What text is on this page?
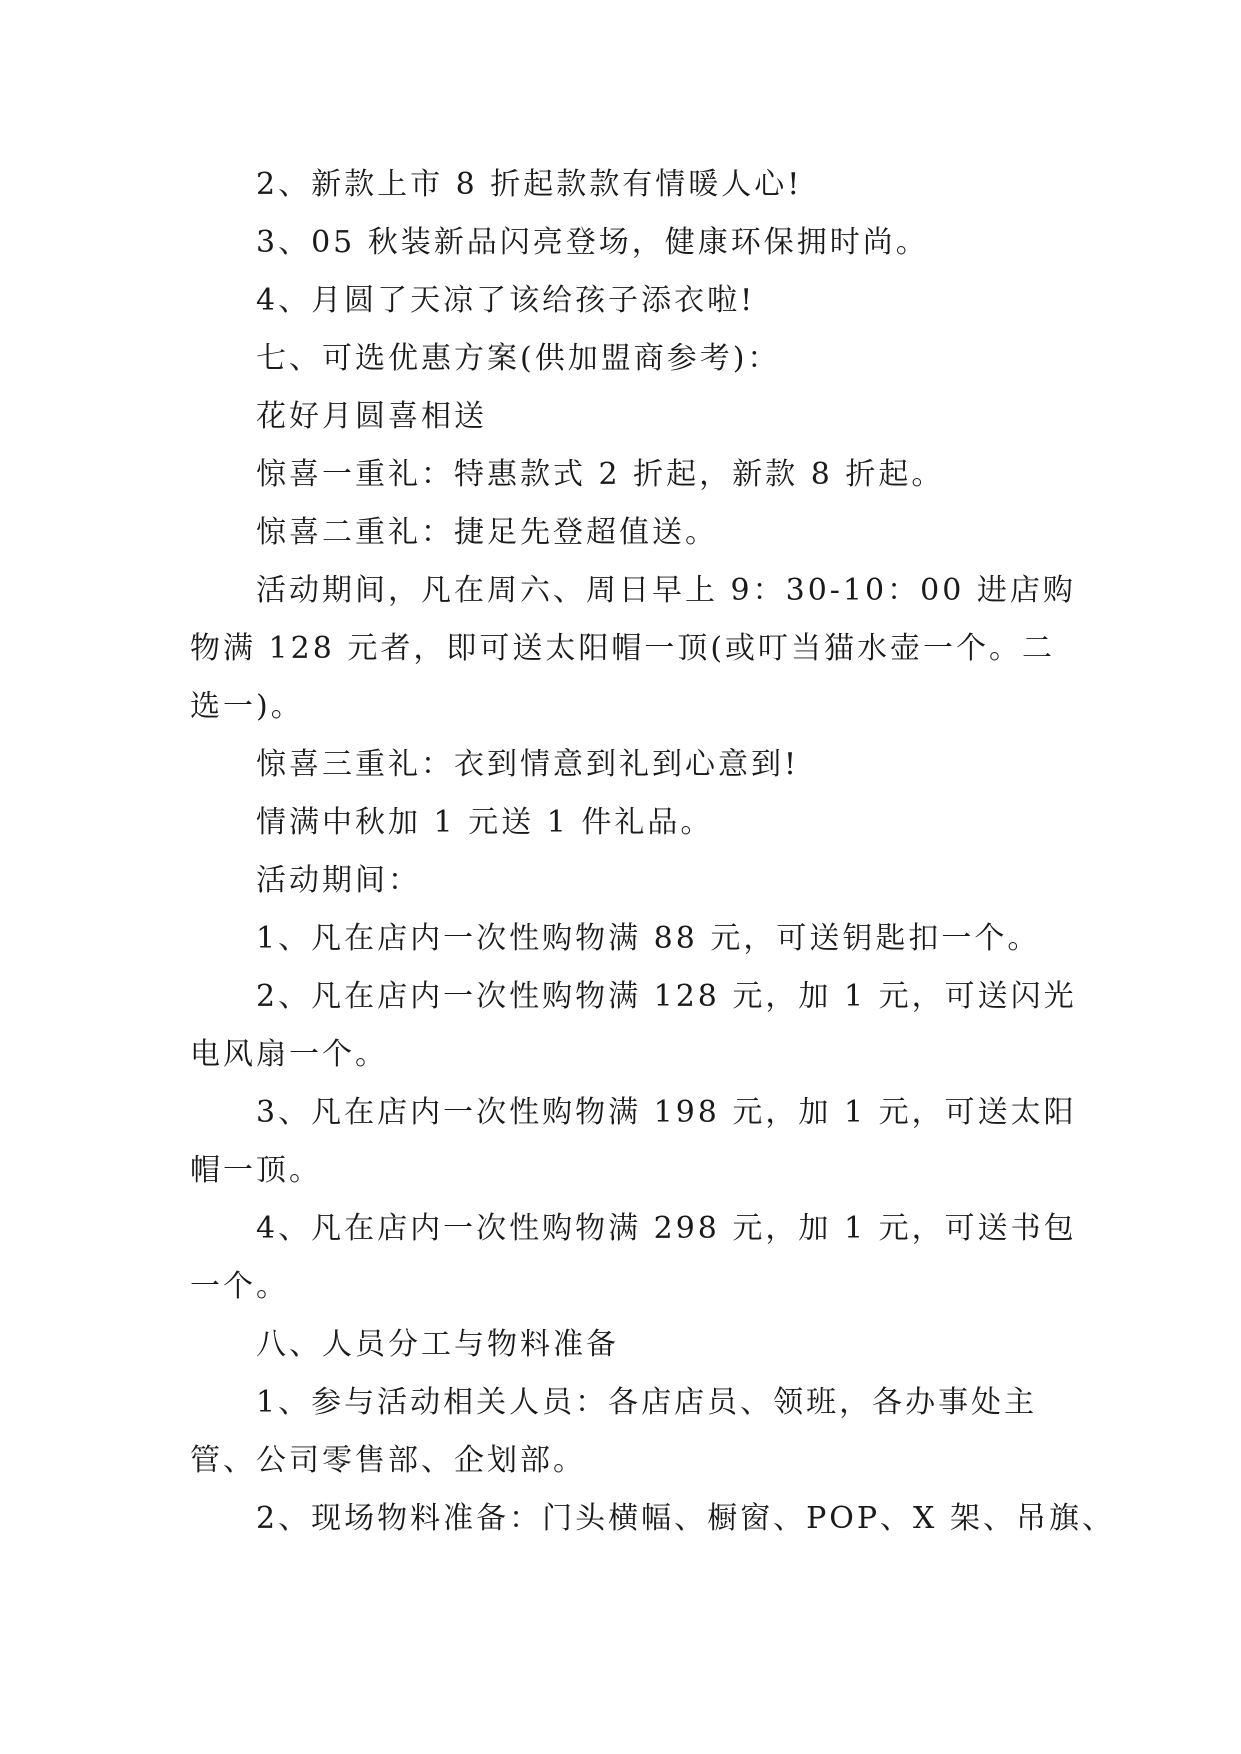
2、新款上市 8 折起款款有情暖人心!

3、05 秋装新品闪亮登场，健康环保拥时尚。

4、月圆了天凉了该给孩子添衣啦!

七、可选优惠方案(供加盟商参考)：

花好月圆喜相送

惊喜一重礼：特惠款式 2 折起，新款 8 折起。

惊喜二重礼：捷足先登超值送。

活动期间，凡在周六、周日早上 9：30-10：00 进店购
物满 128 元者，即可送太阳帽一顶(或叮当猫水壶一个。二
选一)。

惊喜三重礼：衣到情意到礼到心意到!

情满中秋加 1 元送 1 件礼品。

活动期间：

1、凡在店内一次性购物满 88 元，可送钥匙扣一个。

2、凡在店内一次性购物满 128 元，加 1 元，可送闪光
电风扇一个。

3、凡在店内一次性购物满 198 元，加 1 元，可送太阳
帽一顶。

4、凡在店内一次性购物满 298 元，加 1 元，可送书包
一个。

八、人员分工与物料准备

1、参与活动相关人员：各店店员、领班，各办事处主
管、公司零售部、企划部。

2、现场物料准备：门头横幅、橱窗、POP、X 架、吊旗、
